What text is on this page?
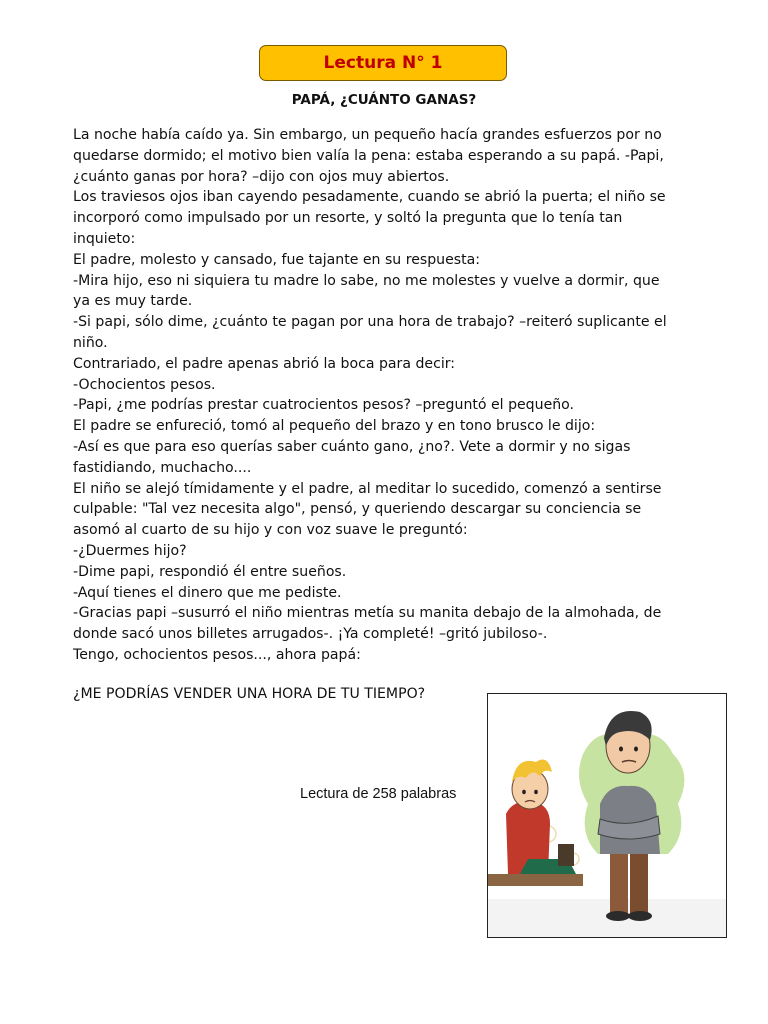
Lectura N° 1
PAPÁ, ¿CUÁNTO GANAS?
La noche había caído ya. Sin embargo, un pequeño hacía grandes esfuerzos por no
quedarse dormido; el motivo bien valía la pena: estaba esperando a su papá. -Papi,
¿cuánto ganas por hora? –dijo con ojos muy abiertos.
Los traviesos ojos iban cayendo pesadamente, cuando se abrió la puerta; el niño se
incorporó como impulsado por un resorte, y soltó la pregunta que lo tenía tan
inquieto:
El padre, molesto y cansado, fue tajante en su respuesta:
-Mira hijo, eso ni siquiera tu madre lo sabe, no me molestes y vuelve a dormir, que
ya es muy tarde.
-Si papi, sólo dime, ¿cuánto te pagan por una hora de trabajo? –reiteró suplicante el
niño.
Contrariado, el padre apenas abrió la boca para decir:
-Ochocientos pesos.
-Papi, ¿me podrías prestar cuatrocientos pesos? –preguntó el pequeño.
El padre se enfureció, tomó al pequeño del brazo y en tono brusco le dijo:
-Así es que para eso querías saber cuánto gano, ¿no?. Vete a dormir y no sigas
fastidiando, muchacho....
El niño se alejó tímidamente y el padre, al meditar lo sucedido, comenzó a sentirse
culpable: "Tal vez necesita algo", pensó, y queriendo descargar su conciencia se
asomó al cuarto de su hijo y con voz suave le preguntó:
-¿Duermes hijo?
-Dime papi, respondió él entre sueños.
-Aquí tienes el dinero que me pediste.
-Gracias papi –susurró el niño mientras metía su manita debajo de la almohada, de
donde sacó unos billetes arrugados-. ¡Ya completé! –gritó jubiloso-.
Tengo, ochocientos pesos..., ahora papá:
¿ME PODRÍAS VENDER UNA HORA DE TU TIEMPO?
Lectura de 258 palabras
